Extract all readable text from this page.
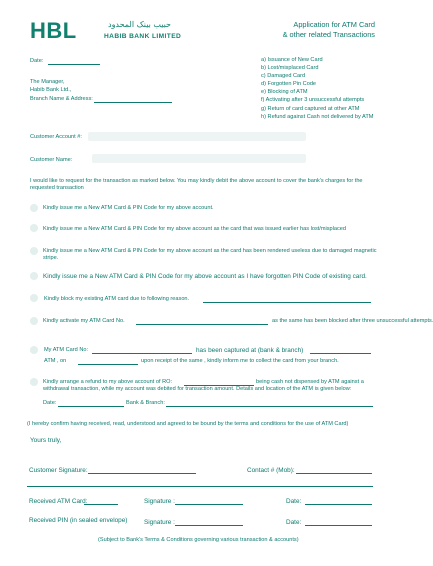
HBL	حبیب بینک المحدود
HABIB BANK LIMITED
Application for ATM Card
& other related Transactions
Date:
The Manager,
Habib Bank Ltd.,
Branch Name & Address:
a) Issuance of New Card
b) Lost/misplaced Card
c) Damaged Card
d) Forgotten Pin Code
e) Blocking of ATM
f) Activating after 3 unsuccessful attempts
g) Return of card captured at other ATM
h) Refund against Cash not delivered by ATM
Customer Account #:
Customer Name:
I would like to request for the transaction as marked below. You may kindly debit the above account to cover the bank's charges for the requested transaction
Kindly issue me a New ATM Card & PIN Code for my above account.
Kindly issue me a New ATM Card & PIN Code for my above account as the card that was issued earlier has lost/misplaced
Kindly issue me a New ATM Card & PIN Code for my above account as the card has been rendered useless due to damaged magnetic stripe.
Kindly issue me a New ATM Card & PIN Code for my above account as I have forgotten PIN Code of existing card.
Kindly block my existing ATM card due to following reason.
Kindly activate my ATM Card No.	as the same has been blocked after three unsuccessful attempts.
My ATM Card No:	has been captured at (bank & branch)
ATM , on	upon receipt of the same , kindly inform me to collect the card from your branch.
Kindly arrange a refund to my above account of RO:	being cash not dispensed by ATM against a withdrawal transaction, while my account was debited for transaction amount. Details and location of the ATM is given below:
Date:	Bank & Branch:
(I hereby confirm having received, read, understood and agreed to be bound by the terms and conditions for the use of ATM Card)
Yours truly,
Customer Signature:	Contact # (Mob):
Received ATM Card:	Signature :	Date:
Received PIN (in sealed envelope)	Signature :	Date:
(Subject to Bank's Terms & Conditions governing various transaction & accounts)
